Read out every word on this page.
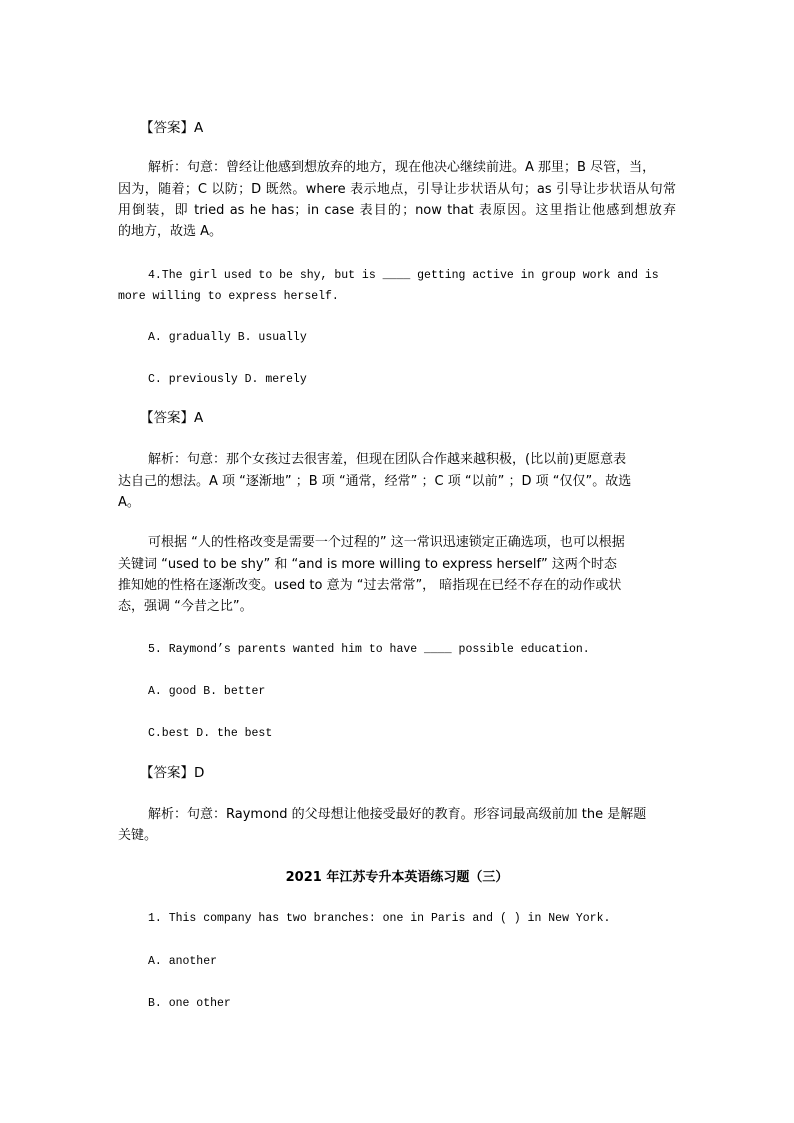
【答案】A
解析：句意：曾经让他感到想放弃的地方，现在他决心继续前进。A 那里；B 尽管，当，
因为，随着；C 以防；D 既然。where 表示地点，引导让步状语从句；as 引导让步状语从句常
用倒装，即 tried as he has；in case 表目的；now that 表原因。这里指让他感到想放弃
的地方，故选 A。
4.The girl used to be shy, but is ____ getting active in group work and is
more willing to express herself.
A. gradually B. usually
C. previously D. merely
【答案】A
解析：句意：那个女孩过去很害羞，但现在团队合作越来越积极，(比以前)更愿意表
达自己的想法。A 项 “逐渐地” ；B 项 “通常，经常” ；C 项 “以前” ；D 项 “仅仅”。故选
A。
可根据 “人的性格改变是需要一个过程的” 这一常识迅速锁定正确选项，也可以根据
关键词 “used to be shy” 和 “and is more willing to express herself” 这两个时态
推知她的性格在逐渐改变。used to 意为 “过去常常”， 暗指现在已经不存在的动作或状
态，强调 “今昔之比”。
5. Raymond’s parents wanted him to have ____ possible education.
A. good B. better
C.best D. the best
【答案】D
解析：句意：Raymond 的父母想让他接受最好的教育。形容词最高级前加 the 是解题
关键。
2021 年江苏专升本英语练习题（三）
1. This company has two branches: one in Paris and ( ) in New York.
A. another
B. one other
